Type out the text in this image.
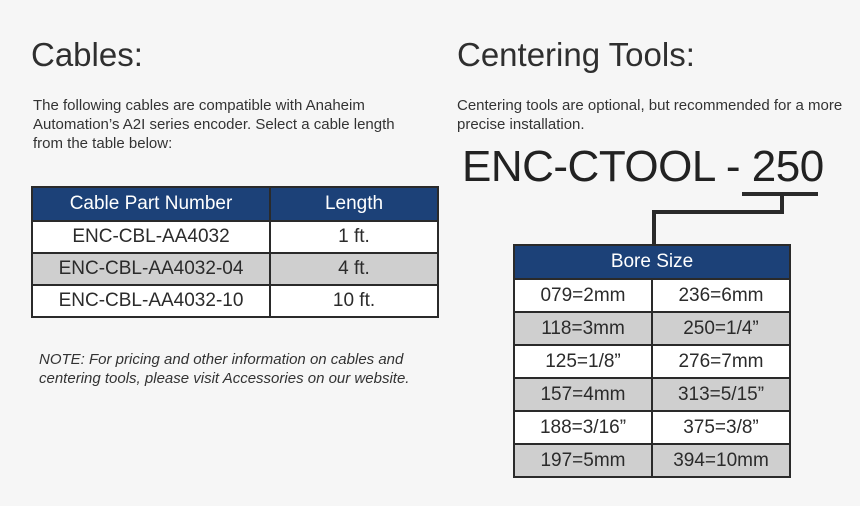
Cables:

The following cables are compatible with Anaheim Automation’s A2I series encoder. Select a cable length from the table below:

Cable Part Number	Length
ENC-CBL-AA4032	1 ft.
ENC-CBL-AA4032-04	4 ft.
ENC-CBL-AA4032-10	10 ft.

NOTE: For pricing and other information on cables and centering tools, please visit Accessories on our website.

Centering Tools:

Centering tools are optional, but recommended for a more precise installation.

ENC-CTOOL - 250
Bore Size	
079=2mm	236=6mm
118=3mm	250=1/4”
125=1/8”	276=7mm
157=4mm	313=5/15”
188=3/16”	375=3/8”
197=5mm	394=10mm
